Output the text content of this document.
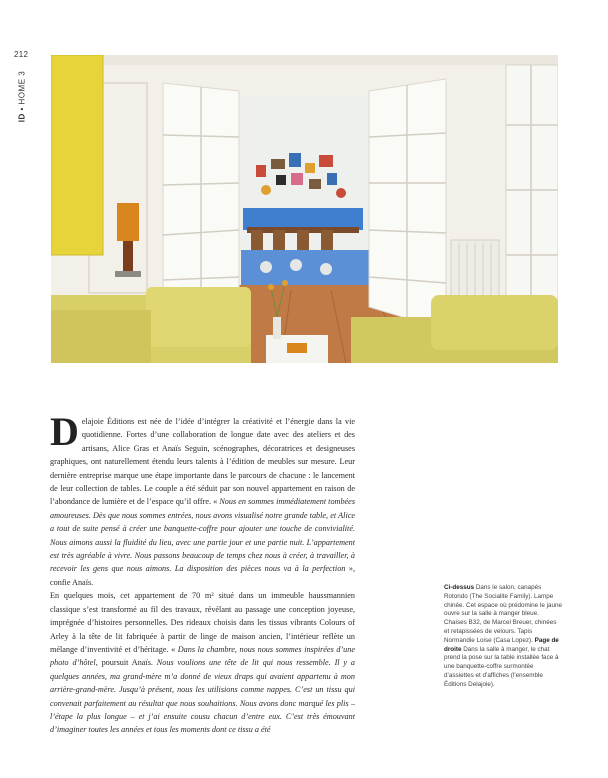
212
ID • HOME 3

Delajoie Éditions est née de l’idée d’intégrer la créativité et l’énergie dans la vie quotidienne. Fortes d’une collaboration de longue date avec des ateliers et des artisans, Alice Gras et Anaïs Seguin, scénographes, décoratrices et designeuses graphiques, ont naturellement étendu leurs talents à l’édition de meubles sur mesure. Leur dernière entreprise marque une étape importante dans le parcours de chacune : le lancement de leur collection de tables. Le couple a été séduit par son nouvel appartement en raison de l’abondance de lumière et de l’espace qu’il offre. « Nous en sommes immédiatement tombées amoureuses. Dès que nous sommes entrées, nous avons visualisé notre grande table, et Alice a tout de suite pensé à créer une banquette-coffre pour ajouter une touche de convivialité. Nous aimons aussi la fluidité du lieu, avec une partie jour et une partie nuit. L’appartement est très agréable à vivre. Nous passons beaucoup de temps chez nous à créer, à travailler, à recevoir les gens que nous aimons. La disposition des pièces nous va à la perfection », confie Anaïs.

En quelques mois, cet appartement de 70 m² situé dans un immeuble haussmannien classique s’est transformé au fil des travaux, révélant au passage une conception joyeuse, imprégnée d’histoires personnelles. Des rideaux choisis dans les tissus vibrants Colours of Arley à la tête de lit fabriquée à partir de linge de maison ancien, l’intérieur reflète un mélange d’inventivité et d’héritage. « Dans la chambre, nous nous sommes inspirées d’une photo d’hôtel, poursuit Anaïs. Nous voulions une tête de lit qui nous ressemble. Il y a quelques années, ma grand-mère m’a donné de vieux draps qui avaient appartenu à mon arrière-grand-mère. Jusqu’à présent, nous les utilisions comme nappes. C’est un tissu qui convenait parfaitement au résultat que nous souhaitions. Nous avons donc marqué les plis – l’étape la plus longue – et j’ai ensuite cousu chacun d’entre eux. C’est très émouvant d’imaginer toutes les années et tous les moments dont ce tissu a été

Ci-dessus Dans le salon, canapés Rotondo (The Socialite Family). Lampe chinée. Cet espace où prédomine le jaune ouvre sur la salle à manger bleue. Chaises B32, de Marcel Breuer, chinées et retapissées de velours. Tapis Normandie Loise (Casa Lopez). Page de droite Dans la salle à manger, le chat prend la pose sur la table installée face à une banquette-coffre surmontée d’assiettes et d’affiches (l’ensemble Éditions Delajoie).
